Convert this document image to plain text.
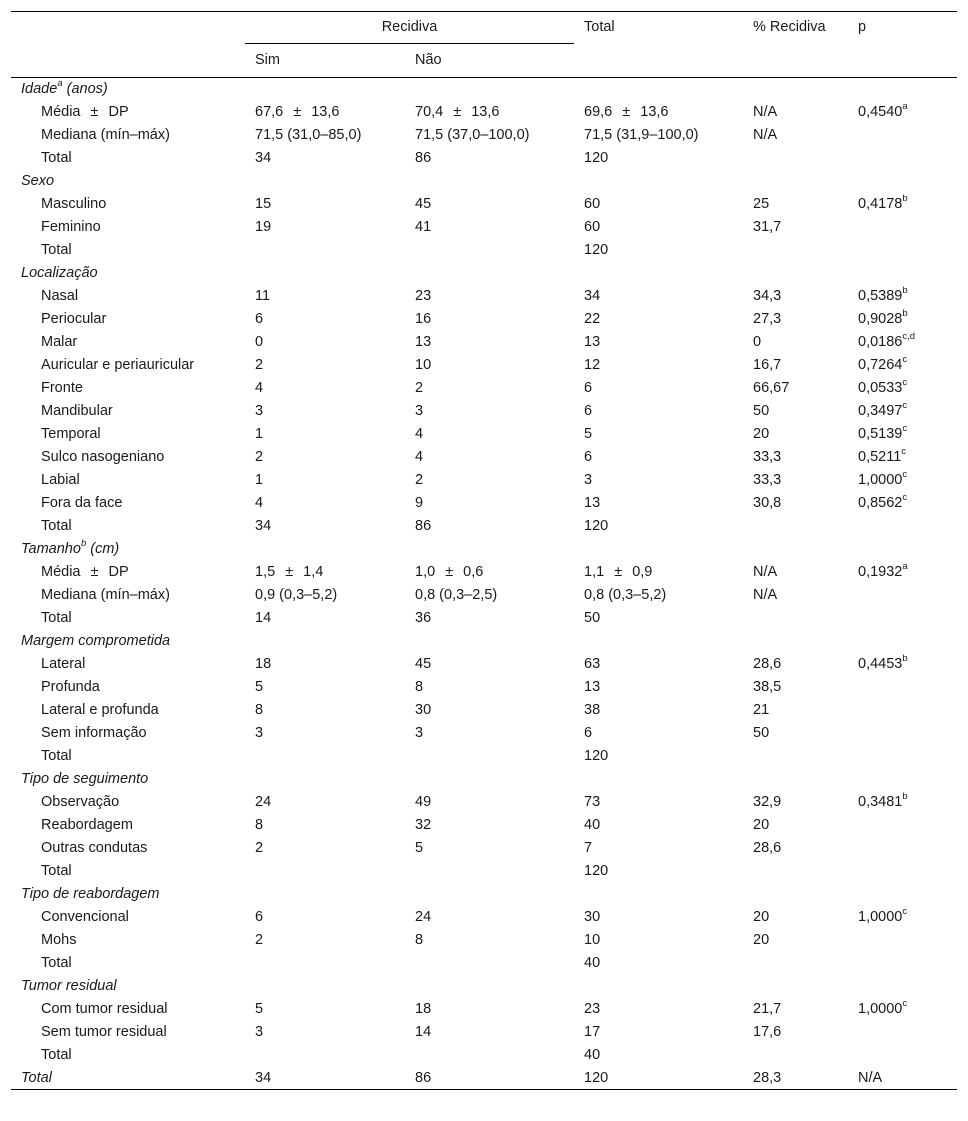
	Recidiva		Total	% Recidiva	p
	Sim	Não			
Idade$^a$ (anos)					
Média ± DP	67,6 ± 13,6	70,4 ± 13,6	69,6 ± 13,6	N/A	0,4540$^a$
Mediana (mín–máx)	71,5 (31,0–85,0)	71,5 (37,0–100,0)	71,5 (31,9–100,0)	N/A	
Total	34	86	120		
Sexo					
Masculino	15	45	60	25	0,4178$^b$
Feminino	19	41	60	31,7	
Total			120		
Localização					
Nasal	11	23	34	34,3	0,5389$^b$
Periocular	6	16	22	27,3	0,9028$^b$
Malar	0	13	13	0	0,0186$^{c,d}$
Auricular e periauricular	2	10	12	16,7	0,7264$^c$
Fronte	4	2	6	66,67	0,0533$^c$
Mandibular	3	3	6	50	0,3497$^c$
Temporal	1	4	5	20	0,5139$^c$
Sulco nasogeniano	2	4	6	33,3	0,5211$^c$
Labial	1	2	3	33,3	1,0000$^c$
Fora da face	4	9	13	30,8	0,8562$^c$
Total	34	86	120		
Tamanho$^b$ (cm)					
Média ± DP	1,5 ± 1,4	1,0 ± 0,6	1,1 ± 0,9	N/A	0,1932$^a$
Mediana (mín–máx)	0,9 (0,3–5,2)	0,8 (0,3–2,5)	0,8 (0,3–5,2)	N/A	
Total	14	36	50		
Margem comprometida					
Lateral	18	45	63	28,6	0,4453$^b$
Profunda	5	8	13	38,5	
Lateral e profunda	8	30	38	21	
Sem informação	3	3	6	50	
Total			120		
Tipo de seguimento					
Observação	24	49	73	32,9	0,3481$^b$
Reabordagem	8	32	40	20	
Outras condutas	2	5	7	28,6	
Total			120		
Tipo de reabordagem					
Convencional	6	24	30	20	1,0000$^c$
Mohs	2	8	10	20	
Total			40		
Tumor residual					
Com tumor residual	5	18	23	21,7	1,0000$^c$
Sem tumor residual	3	14	17	17,6	
Total			40		
Total	34	86	120	28,3	N/A
